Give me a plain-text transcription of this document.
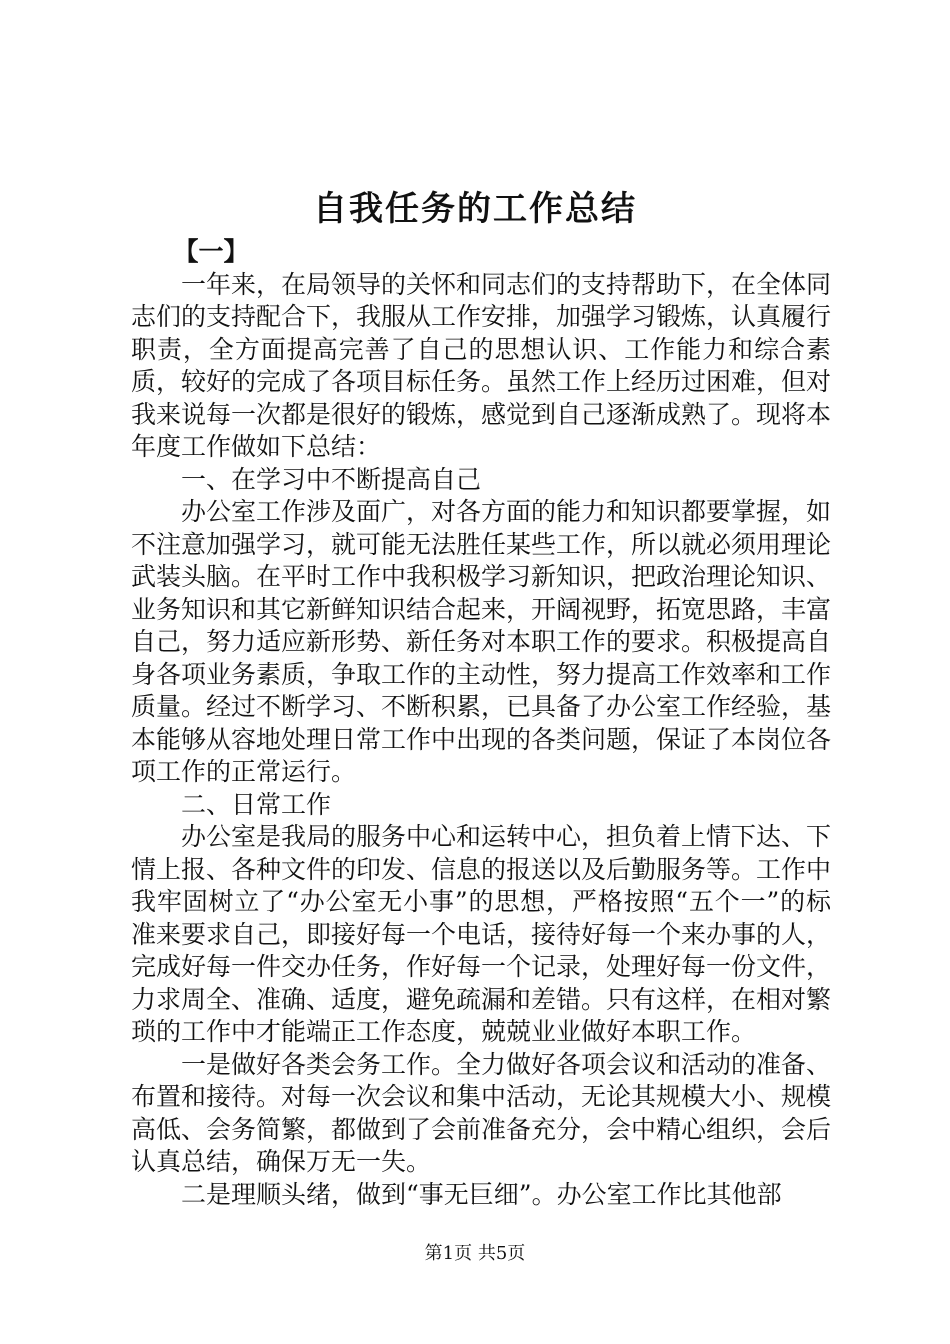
自我任务的工作总结

【一】

一年来，在局领导的关怀和同志们的支持帮助下，在全体同志们的支持配合下，我服从工作安排，加强学习锻炼，认真履行职责，全方面提高完善了自己的思想认识、工作能力和综合素质，较好的完成了各项目标任务。虽然工作上经历过困难，但对我来说每一次都是很好的锻炼，感觉到自己逐渐成熟了。现将本年度工作做如下总结：

一、在学习中不断提高自己

办公室工作涉及面广，对各方面的能力和知识都要掌握，如不注意加强学习，就可能无法胜任某些工作，所以就必须用理论武装头脑。在平时工作中我积极学习新知识，把政治理论知识、业务知识和其它新鲜知识结合起来，开阔视野，拓宽思路，丰富自己，努力适应新形势、新任务对本职工作的要求。积极提高自身各项业务素质，争取工作的主动性，努力提高工作效率和工作质量。经过不断学习、不断积累，已具备了办公室工作经验，基本能够从容地处理日常工作中出现的各类问题，保证了本岗位各项工作的正常运行。

二、日常工作

办公室是我局的服务中心和运转中心，担负着上情下达、下情上报、各种文件的印发、信息的报送以及后勤服务等。工作中我牢固树立了“办公室无小事”的思想，严格按照“五个一”的标准来要求自己，即接好每一个电话，接待好每一个来办事的人，完成好每一件交办任务，作好每一个记录，处理好每一份文件，力求周全、准确、适度，避免疏漏和差错。只有这样，在相对繁琐的工作中才能端正工作态度，兢兢业业做好本职工作。

一是做好各类会务工作。全力做好各项会议和活动的准备、布置和接待。对每一次会议和集中活动，无论其规模大小、规模高低、会务简繁，都做到了会前准备充分，会中精心组织，会后认真总结，确保万无一失。

二是理顺头绪，做到“事无巨细”。办公室工作比其他部

第1页 共5页
